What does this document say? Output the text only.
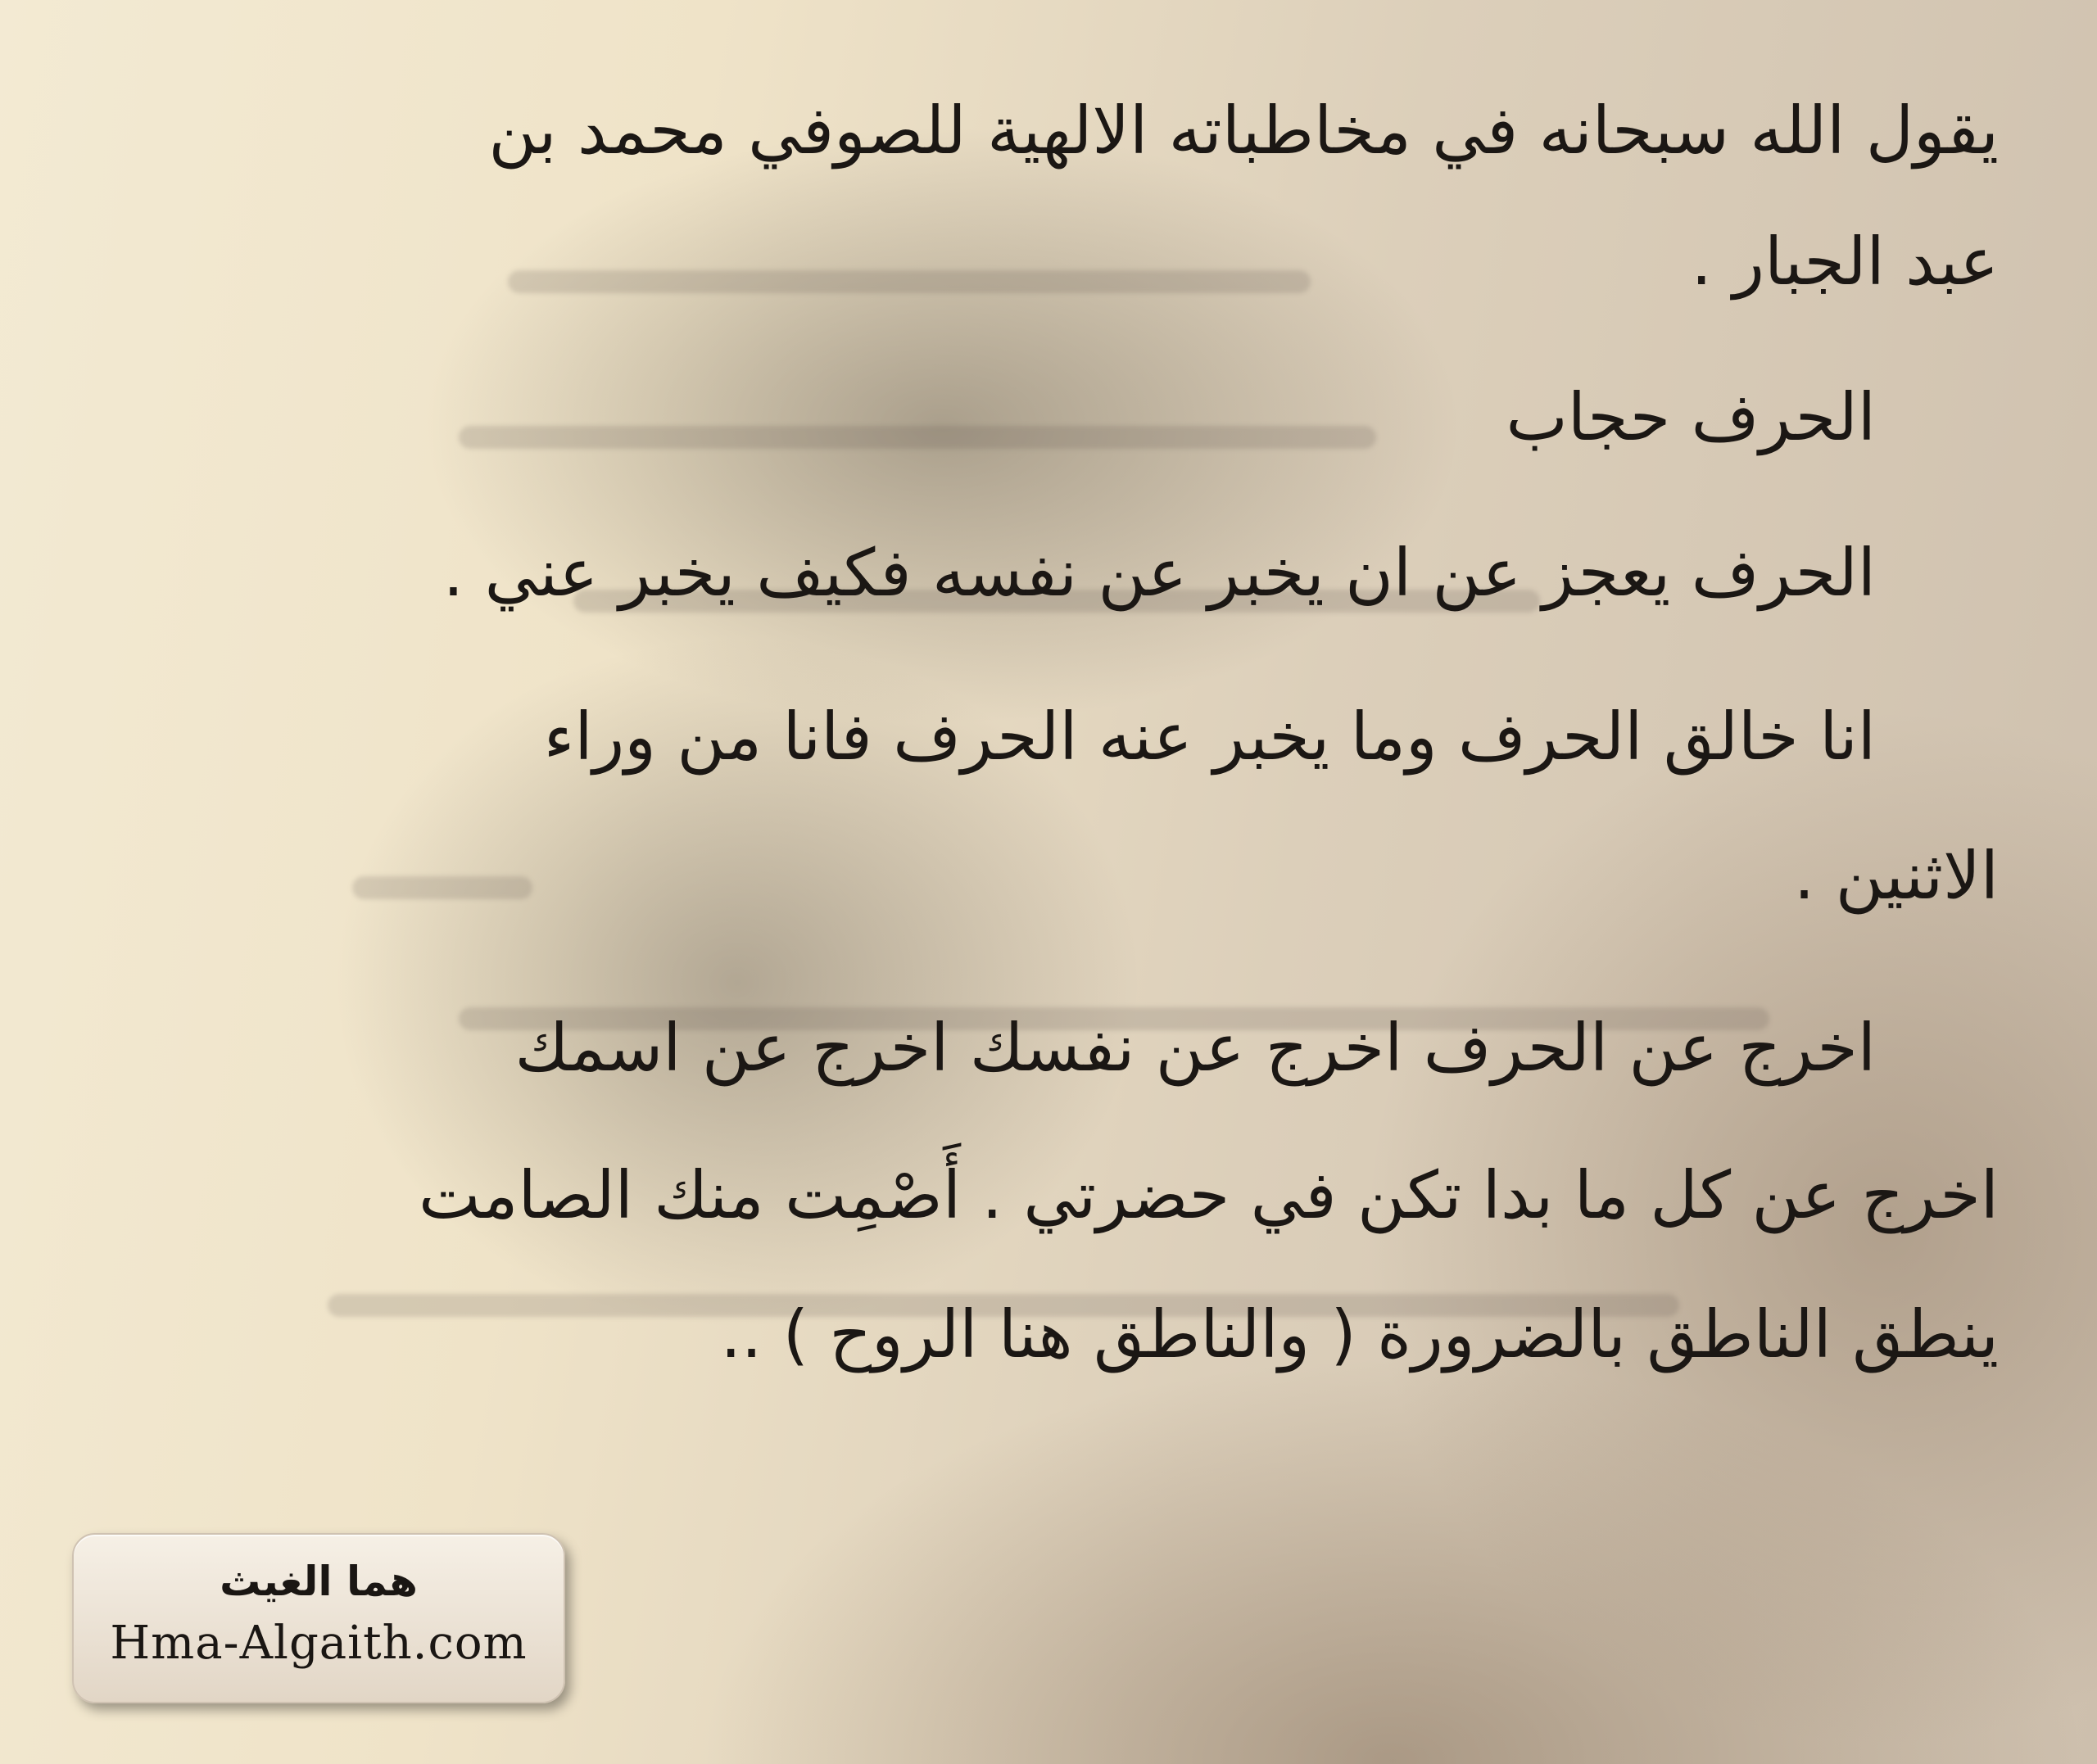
يقول الله سبحانه في مخاطباته الالهية للصوفي محمد بن
عبد الجبار .
الحرف حجاب
الحرف يعجز عن ان يخبر عن نفسه فكيف يخبر عني .
انا خالق الحرف وما يخبر عنه الحرف فانا من وراء
الاثنين .
اخرج عن الحرف اخرج عن نفسك اخرج عن اسمك
اخرج عن كل ما بدا تكن في حضرتي . أَصْمِت منك الصامت
ينطق الناطق بالضرورة ( والناطق هنا الروح ) ..
هما الغيث
Hma-Algaith.com
